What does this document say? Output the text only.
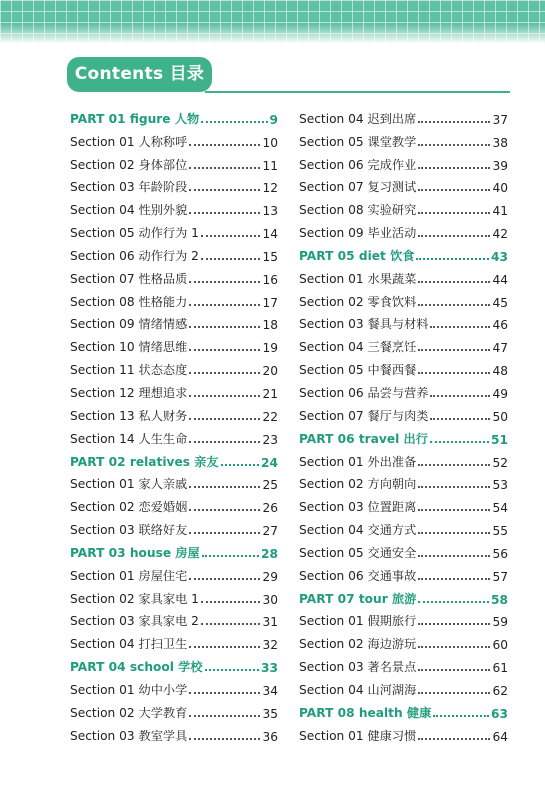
Contents 目录
PART 01 figure 人物	9
Section 01 人称称呼	10
Section 02 身体部位	11
Section 03 年龄阶段	12
Section 04 性别外貌	13
Section 05 动作行为 1	14
Section 06 动作行为 2	15
Section 07 性格品质	16
Section 08 性格能力	17
Section 09 情绪情感	18
Section 10 情绪思维	19
Section 11 状态态度	20
Section 12 理想追求	21
Section 13 私人财务	22
Section 14 人生生命	23
PART 02 relatives 亲友	24
Section 01 家人亲戚	25
Section 02 恋爱婚姻	26
Section 03 联络好友	27
PART 03 house 房屋	28
Section 01 房屋住宅	29
Section 02 家具家电 1	30
Section 03 家具家电 2	31
Section 04 打扫卫生	32
PART 04 school 学校	33
Section 01 幼中小学	34
Section 02 大学教育	35
Section 03 教室学具	36
Section 04 迟到出席	37
Section 05 课堂教学	38
Section 06 完成作业	39
Section 07 复习测试	40
Section 08 实验研究	41
Section 09 毕业活动	42
PART 05 diet 饮食	43
Section 01 水果蔬菜	44
Section 02 零食饮料	45
Section 03 餐具与材料	46
Section 04 三餐烹饪	47
Section 05 中餐西餐	48
Section 06 品尝与营养	49
Section 07 餐厅与肉类	50
PART 06 travel 出行	51
Section 01 外出准备	52
Section 02 方向朝向	53
Section 03 位置距离	54
Section 04 交通方式	55
Section 05 交通安全	56
Section 06 交通事故	57
PART 07 tour 旅游	58
Section 01 假期旅行	59
Section 02 海边游玩	60
Section 03 著名景点	61
Section 04 山河湖海	62
PART 08 health 健康	63
Section 01 健康习惯	64
